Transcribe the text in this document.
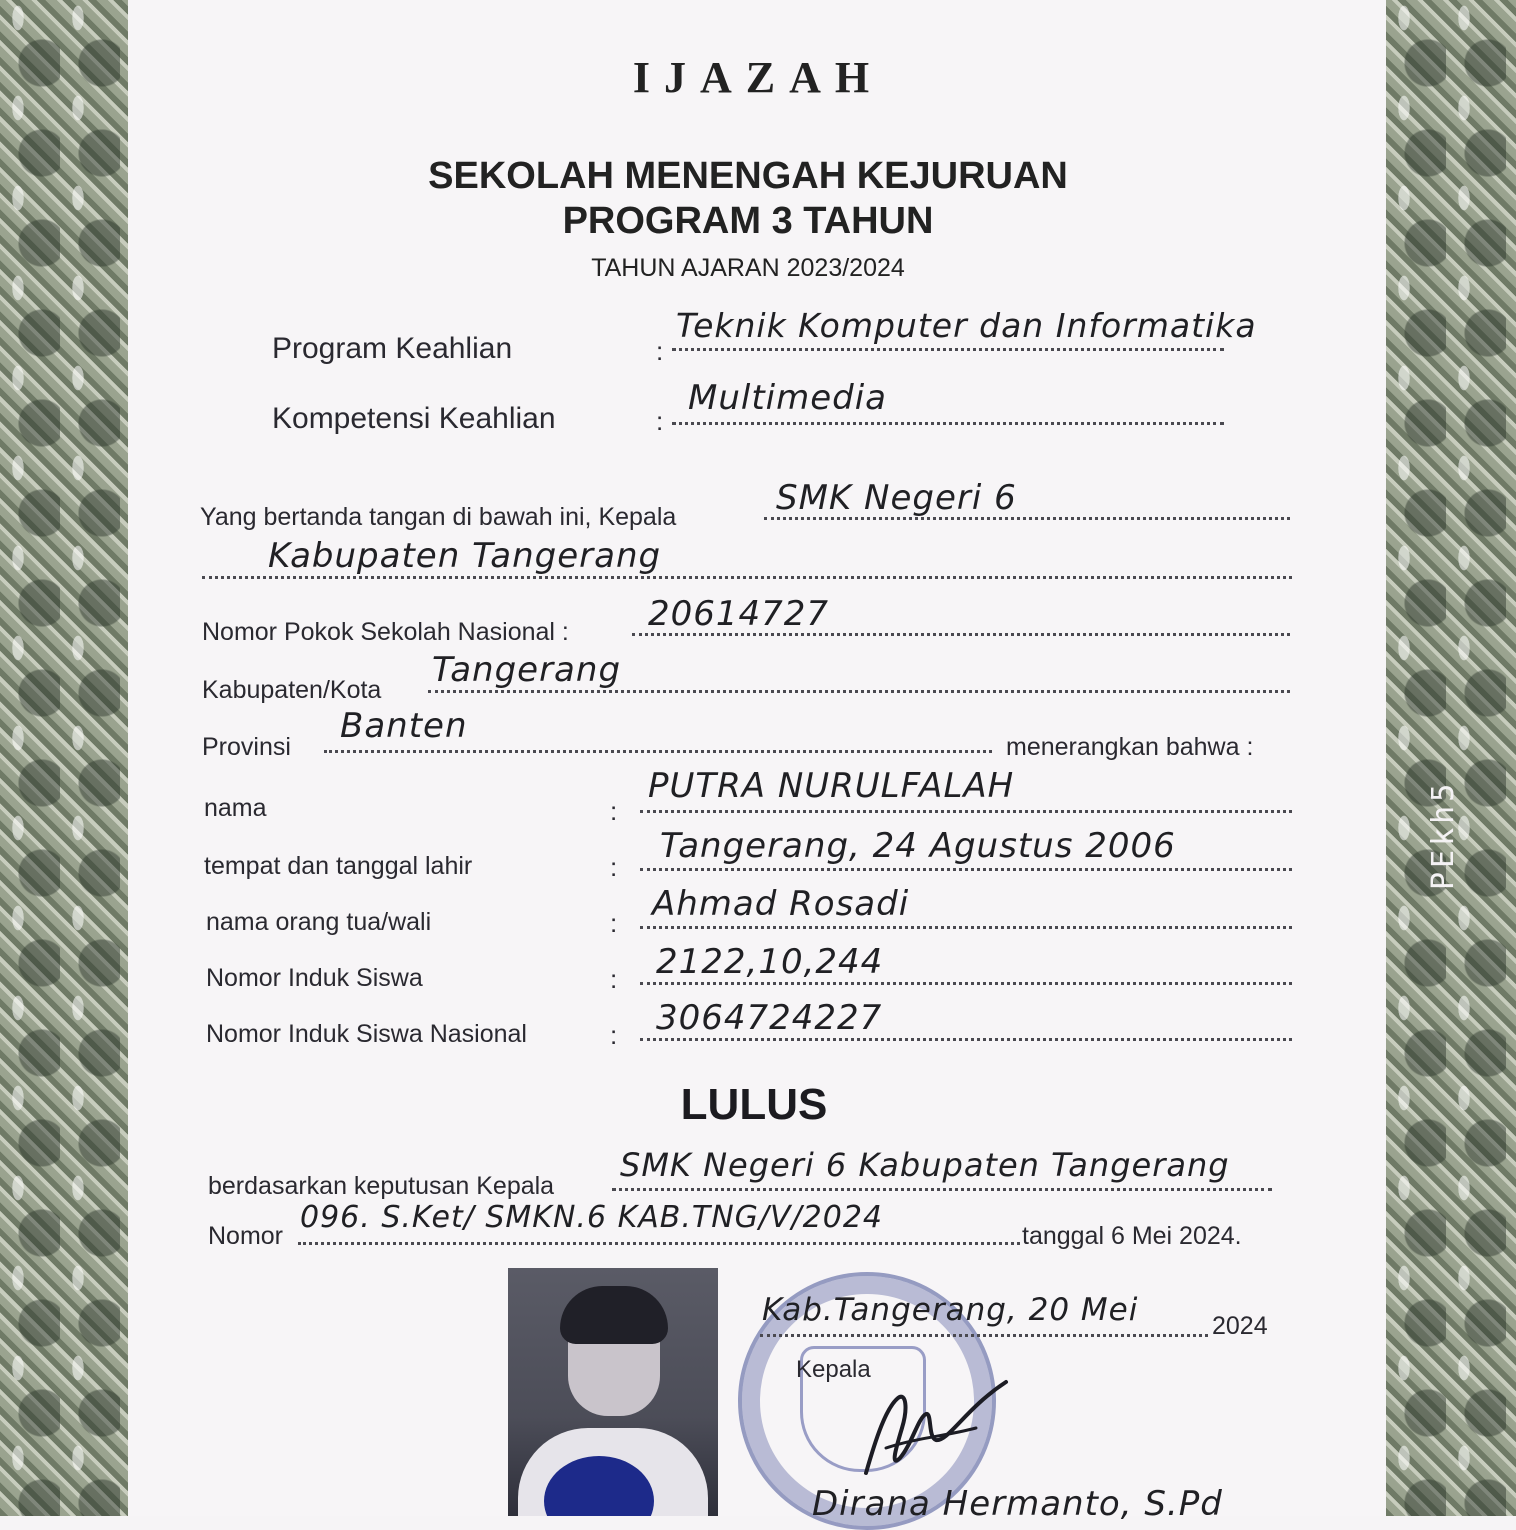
PEkh5
IJAZAH
SEKOLAH MENENGAH KEJURUAN
PROGRAM 3 TAHUN
TAHUN AJARAN 2023/2024
Program Keahlian	:
Teknik Komputer dan Informatika
Kompetensi Keahlian	:
Multimedia
Yang bertanda tangan di bawah ini, Kepala	SMK Negeri 6
Kabupaten Tangerang
Nomor Pokok Sekolah Nasional : 20614727
Kabupaten/Kota Tangerang
Provinsi
Banten
menerangkan bahwa :
nama	:
PUTRA NURULFALAH
tempat dan tanggal lahir	:
Tangerang, 24 Agustus 2006
nama orang tua/wali	: Ahmad Rosadi
Nomor Induk Siswa	: 2122,10,244
Nomor Induk Siswa Nasional	: 3064724227
LULUS
berdasarkan keputusan Kepala
SMK Negeri 6 Kabupaten Tangerang
Nomor
096. S.Ket/ SMKN.6 KAB.TNG/V/2024
tanggal 6 Mei 2024.
Kab.Tangerang, 20 Mei	2024
Kepala
Dirana Hermanto, S.Pd
